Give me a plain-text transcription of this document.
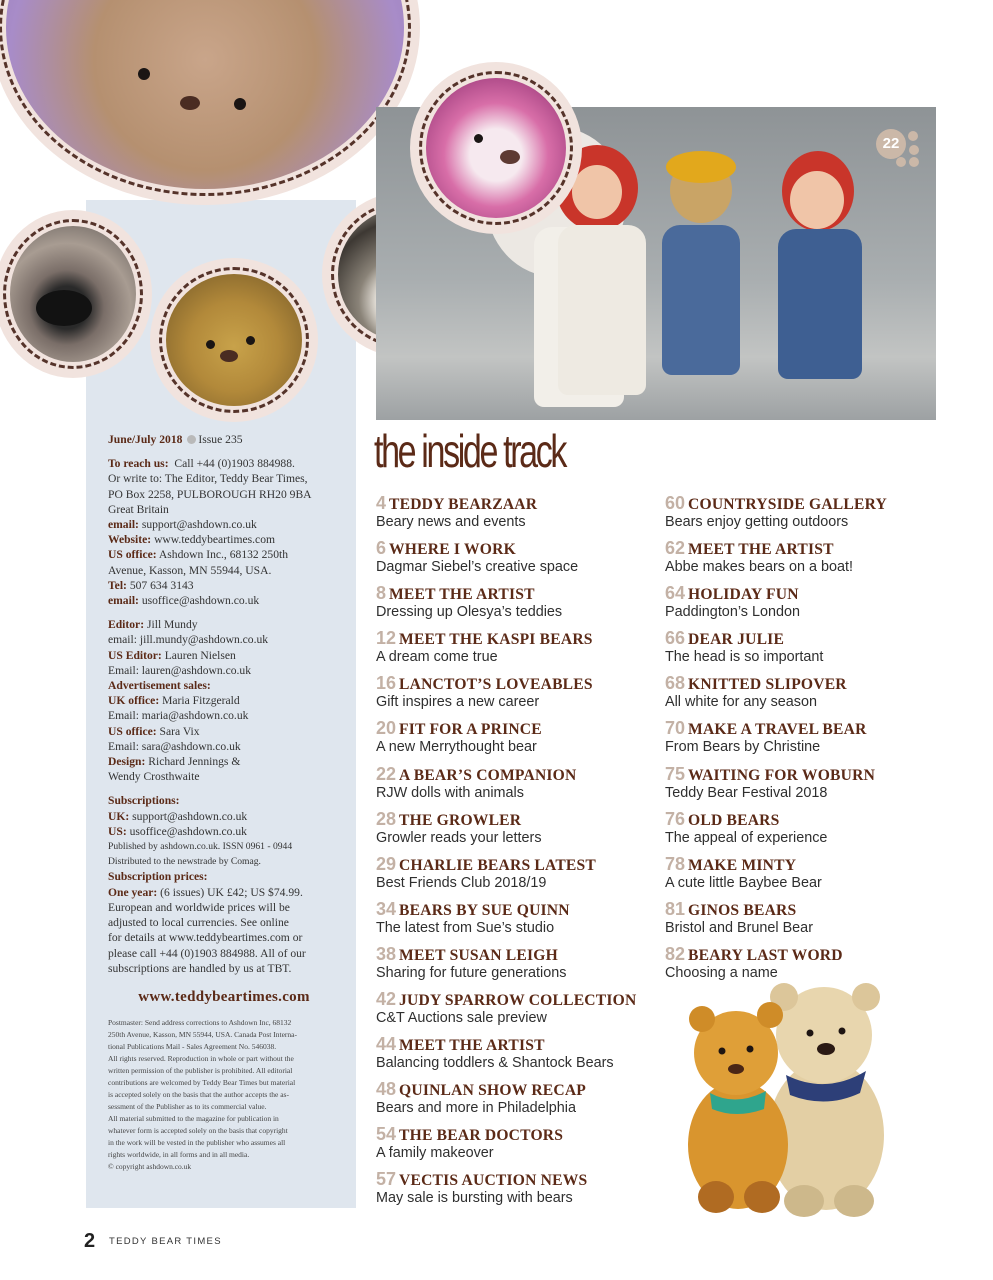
22
June/July 2018 Issue 235
To reach us: Call +44 (0)1903 884988.
Or write to: The Editor, Teddy Bear Times,
PO Box 2258, PULBOROUGH RH20 9BA
Great Britain
email: support@ashdown.co.uk
Website: www.teddybeartimes.com
US office: Ashdown Inc., 68132 250th
Avenue, Kasson, MN 55944, USA.
Tel: 507 634 3143
email: usoffice@ashdown.co.uk
Editor: Jill Mundy
email: jill.mundy@ashdown.co.uk
US Editor: Lauren Nielsen
Email: lauren@ashdown.co.uk
Advertisement sales:
UK office: Maria Fitzgerald
Email: maria@ashdown.co.uk
US office: Sara Vix
Email: sara@ashdown.co.uk
Design: Richard Jennings &
Wendy Crosthwaite
Subscriptions:
UK: support@ashdown.co.uk
US: usoffice@ashdown.co.uk
Published by ashdown.co.uk. ISSN 0961 - 0944
Distributed to the newstrade by Comag.
Subscription prices:
One year: (6 issues) UK £42; US $74.99.
European and worldwide prices will be
adjusted to local currencies. See online
for details at www.teddybeartimes.com or
please call +44 (0)1903 884988. All of our
subscriptions are handled by us at TBT.
www.teddybeartimes.com
Postmaster: Send address corrections to Ashdown Inc, 68132
250th Avenue, Kasson, MN 55944, USA. Canada Post Interna-
tional Publications Mail - Sales Agreement No. 546038.
All rights reserved. Reproduction in whole or part without the
written permission of the publisher is prohibited. All editorial
contributions are welcomed by Teddy Bear Times but material
is accepted solely on the basis that the author accepts the as-
sessment of the Publisher as to its commercial value.
All material submitted to the magazine for publication in
whatever form is accepted solely on the basis that copyright
in the work will be vested in the publisher who assumes all
rights worldwide, in all forms and in all media.
© copyright ashdown.co.uk
the inside track
4 TEDDY BEARZAAR
Beary news and events
6 WHERE I WORK
Dagmar Siebel’s creative space
8 MEET THE ARTIST
Dressing up Olesya’s teddies
12 MEET THE KASPI BEARS
A dream come true
16 LANCTOT’S LOVEABLES
Gift inspires a new career
20 FIT FOR A PRINCE
A new Merrythought bear
22 A BEAR’S COMPANION
RJW dolls with animals
28 THE GROWLER
Growler reads your letters
29 CHARLIE BEARS LATEST
Best Friends Club 2018/19
34 BEARS BY SUE QUINN
The latest from Sue’s studio
38 MEET SUSAN LEIGH
Sharing for future generations
42 JUDY SPARROW COLLECTION
C&T Auctions sale preview
44 MEET THE ARTIST
Balancing toddlers & Shantock Bears
48 QUINLAN SHOW RECAP
Bears and more in Philadelphia
54 THE BEAR DOCTORS
A family makeover
57 VECTIS AUCTION NEWS
May sale is bursting with bears
60 COUNTRYSIDE GALLERY
Bears enjoy getting outdoors
62 MEET THE ARTIST
Abbe makes bears on a boat!
64 HOLIDAY FUN
Paddington’s London
66 DEAR JULIE
The head is so important
68 KNITTED SLIPOVER
All white for any season
70 MAKE A TRAVEL BEAR
From Bears by Christine
75 WAITING FOR WOBURN
Teddy Bear Festival 2018
76 OLD BEARS
The appeal of experience
78 MAKE MINTY
A cute little Baybee Bear
81 GINOS BEARS
Bristol and Brunel Bear
82 BEARY LAST WORD
Choosing a name
2 TEDDY BEAR TIMES
